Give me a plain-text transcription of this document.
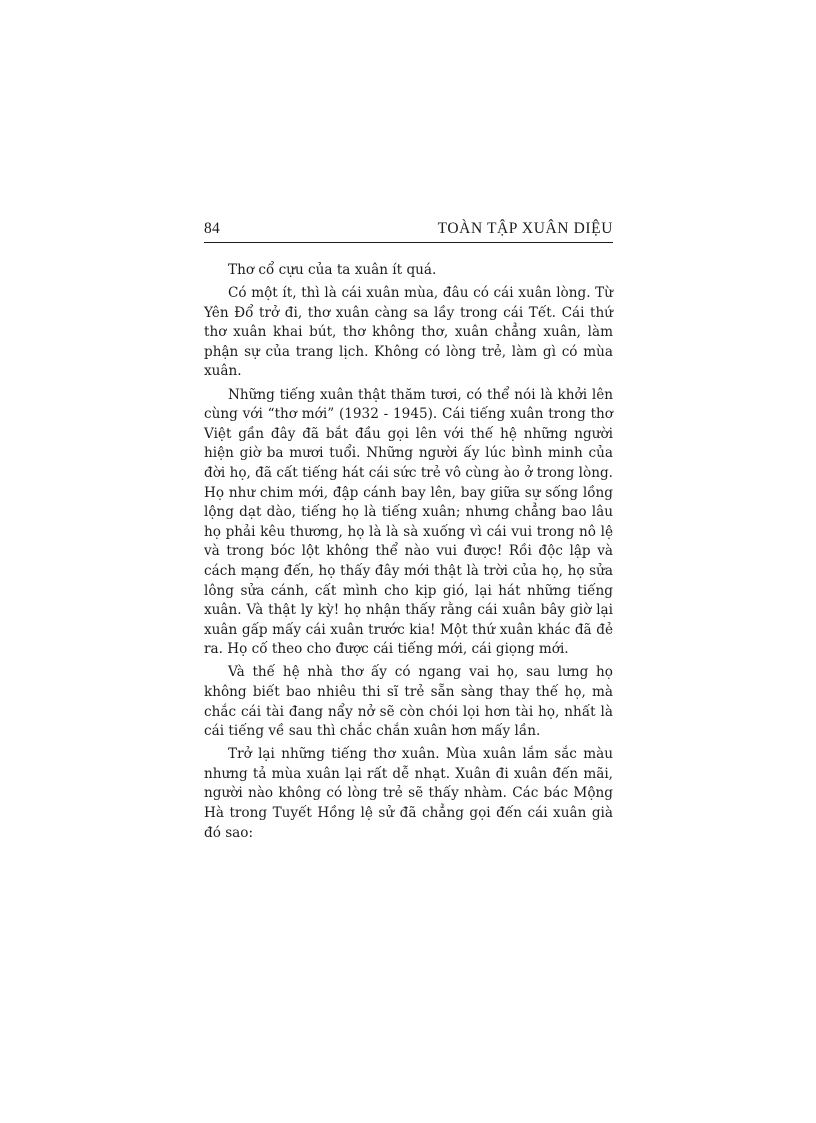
84	TOÀN TẬP XUÂN DIỆU

Thơ cổ cựu của ta xuân ít quá.

Có một ít, thì là cái xuân mùa, đâu có cái xuân lòng. Từ Yên Đổ trở đi, thơ xuân càng sa lầy trong cái Tết. Cái thứ thơ xuân khai bút, thơ không thơ, xuân chẳng xuân, làm phận sự của trang lịch. Không có lòng trẻ, làm gì có mùa xuân.

Những tiếng xuân thật thăm tươi, có thể nói là khởi lên cùng với “thơ mới” (1932 - 1945). Cái tiếng xuân trong thơ Việt gần đây đã bắt đầu gọi lên với thế hệ những người hiện giờ ba mươi tuổi. Những người ấy lúc bình minh của đời họ, đã cất tiếng hát cái sức trẻ vô cùng ào ở trong lòng. Họ như chim mới, đập cánh bay lên, bay giữa sự sống lồng lộng dạt dào, tiếng họ là tiếng xuân; nhưng chẳng bao lâu họ phải kêu thương, họ là là sà xuống vì cái vui trong nô lệ và trong bóc lột không thể nào vui được! Rồi độc lập và cách mạng đến, họ thấy đây mới thật là trời của họ, họ sửa lông sửa cánh, cất mình cho kịp gió, lại hát những tiếng xuân. Và thật ly kỳ! họ nhận thấy rằng cái xuân bây giờ lại xuân gấp mấy cái xuân trước kia! Một thứ xuân khác đã đẻ ra. Họ cố theo cho được cái tiếng mới, cái giọng mới.

Và thế hệ nhà thơ ấy có ngang vai họ, sau lưng họ không biết bao nhiêu thi sĩ trẻ sẵn sàng thay thế họ, mà chắc cái tài đang nẩy nở sẽ còn chói lọi hơn tài họ, nhất là cái tiếng về sau thì chắc chắn xuân hơn mấy lần.

Trở lại những tiếng thơ xuân. Mùa xuân lắm sắc màu nhưng tả mùa xuân lại rất dễ nhạt. Xuân đi xuân đến mãi, người nào không có lòng trẻ sẽ thấy nhàm. Các bác Mộng Hà trong Tuyết Hồng lệ sử đã chẳng gọi đến cái xuân già đó sao:
